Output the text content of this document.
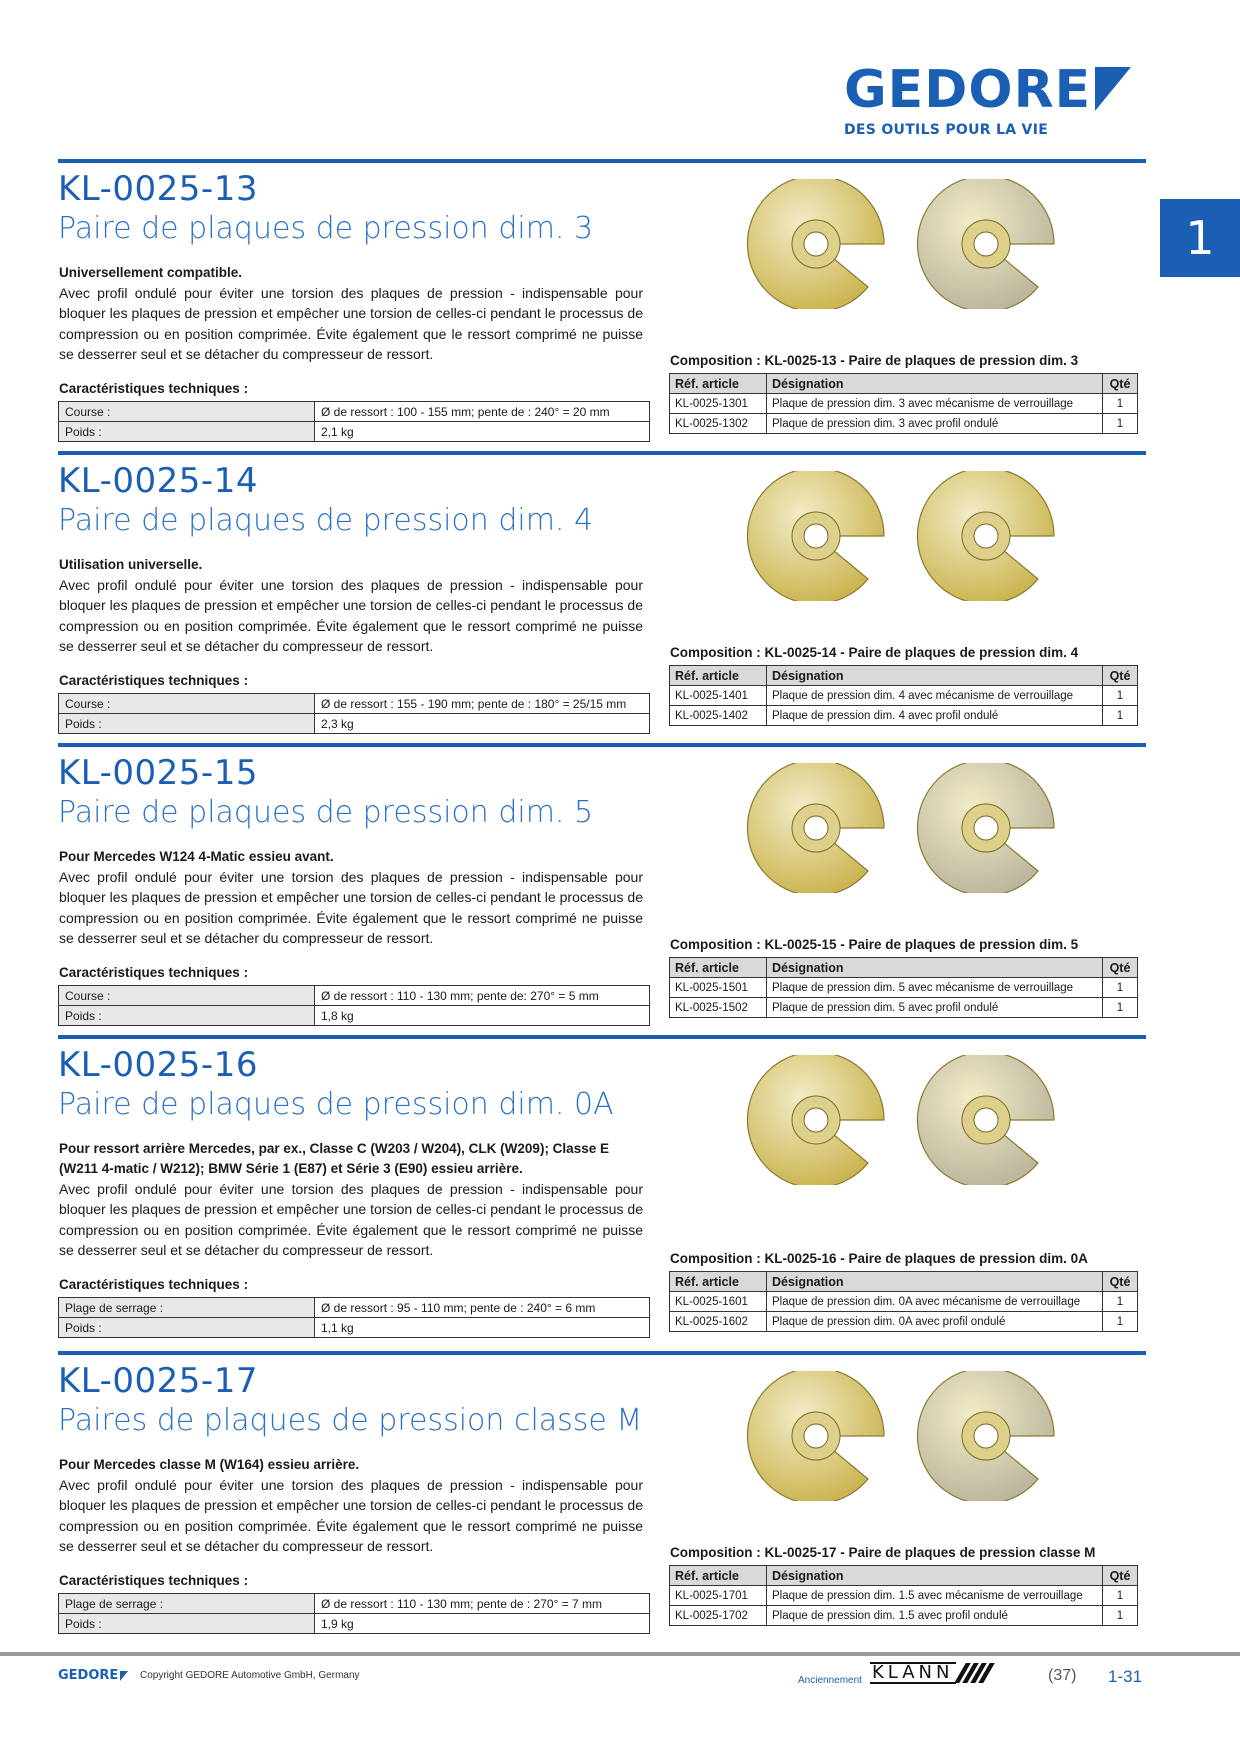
GEDORE
DES OUTILS POUR LA VIE
1
KL-0025-13
Paire de plaques de pression dim. 3
Universellement compatible.
Avec profil ondulé pour éviter une torsion des plaques de pression - indispensable pour bloquer les plaques de pression et empêcher une torsion de celles-ci pendant le processus de compression ou en position comprimée. Évite également que le ressort comprimé ne puisse se desserrer seul et se détacher du compresseur de ressort.
Caractéristiques techniques :
Course :	Ø de ressort : 100 - 155 mm; pente de : 240° = 20 mm
Poids :	2,1 kg
Composition : KL-0025-13 - Paire de plaques de pression dim. 3
Réf. article	Désignation	Qté
KL-0025-1301	Plaque de pression dim. 3 avec mécanisme de verrouillage	1
KL-0025-1302	Plaque de pression dim. 3 avec profil ondulé	1
KL-0025-14
Paire de plaques de pression dim. 4
Utilisation universelle.
Avec profil ondulé pour éviter une torsion des plaques de pression - indispensable pour bloquer les plaques de pression et empêcher une torsion de celles-ci pendant le processus de compression ou en position comprimée. Évite également que le ressort comprimé ne puisse se desserrer seul et se détacher du compresseur de ressort.
Caractéristiques techniques :
Course :	Ø de ressort : 155 - 190 mm; pente de : 180° = 25/15 mm
Poids :	2,3 kg
Composition : KL-0025-14 - Paire de plaques de pression dim. 4
Réf. article	Désignation	Qté
KL-0025-1401	Plaque de pression dim. 4 avec mécanisme de verrouillage	1
KL-0025-1402	Plaque de pression dim. 4 avec profil ondulé	1
KL-0025-15
Paire de plaques de pression dim. 5
Pour Mercedes W124 4-Matic essieu avant.
Avec profil ondulé pour éviter une torsion des plaques de pression - indispensable pour bloquer les plaques de pression et empêcher une torsion de celles-ci pendant le processus de compression ou en position comprimée. Évite également que le ressort comprimé ne puisse se desserrer seul et se détacher du compresseur de ressort.
Caractéristiques techniques :
Course :	Ø de ressort : 110 - 130 mm; pente de: 270° = 5 mm
Poids :	1,8 kg
Composition : KL-0025-15 - Paire de plaques de pression dim. 5
Réf. article	Désignation	Qté
KL-0025-1501	Plaque de pression dim. 5 avec mécanisme de verrouillage	1
KL-0025-1502	Plaque de pression dim. 5 avec profil ondulé	1
KL-0025-16
Paire de plaques de pression dim. 0A
Pour ressort arrière Mercedes, par ex., Classe C (W203 / W204), CLK (W209); Classe E (W211 4-matic / W212); BMW Série 1 (E87) et Série 3 (E90) essieu arrière.
Avec profil ondulé pour éviter une torsion des plaques de pression - indispensable pour bloquer les plaques de pression et empêcher une torsion de celles-ci pendant le processus de compression ou en position comprimée. Évite également que le ressort comprimé ne puisse se desserrer seul et se détacher du compresseur de ressort.
Caractéristiques techniques :
Plage de serrage :	Ø de ressort : 95 - 110 mm; pente de : 240° = 6 mm
Poids :	1,1 kg
Composition : KL-0025-16 - Paire de plaques de pression dim. 0A
Réf. article	Désignation	Qté
KL-0025-1601	Plaque de pression dim. 0A avec mécanisme de verrouillage	1
KL-0025-1602	Plaque de pression dim. 0A avec profil ondulé	1
KL-0025-17
Paires de plaques de pression classe M
Pour Mercedes classe M (W164) essieu arrière.
Avec profil ondulé pour éviter une torsion des plaques de pression - indispensable pour bloquer les plaques de pression et empêcher une torsion de celles-ci pendant le processus de compression ou en position comprimée. Évite également que le ressort comprimé ne puisse se desserrer seul et se détacher du compresseur de ressort.
Caractéristiques techniques :
Plage de serrage :	Ø de ressort : 110 - 130 mm; pente de : 270° = 7 mm
Poids :	1,9 kg
Composition : KL-0025-17 - Paire de plaques de pression classe M
Réf. article	Désignation	Qté
KL-0025-1701	Plaque de pression dim. 1.5 avec mécanisme de verrouillage	1
KL-0025-1702	Plaque de pression dim. 1.5 avec profil ondulé	1
GEDORE Copyright GEDORE Automotive GmbH, Germany	Anciennement KLANN	(37) 1-31
